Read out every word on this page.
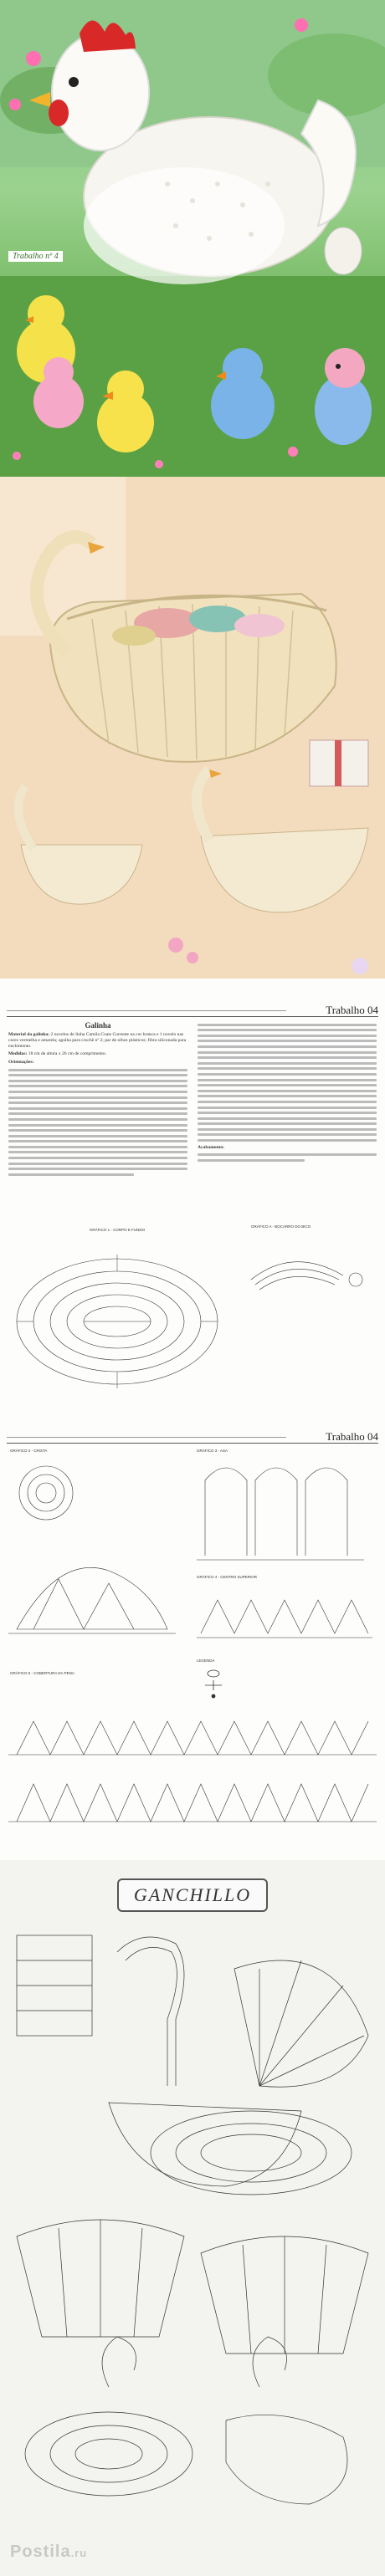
Trabalho nº 4
Trabalho 04
Galinha

Material da galinha: 2 novelos de linha Camila Coats Corrente na cor branca e 1 novelo nas cores vermelha e amarela; agulha para crochê nº 2; par de olhos plásticos; fibra siliconada para enchimento.

Medidas: 18 cm de altura x 26 cm de comprimento.

Orientações:
Acabamento:
GRÁFICO 1 - CORPO E FUNDO
GRÁFICO A - BOCARRO DO BICO
Trabalho 04
GRÁFICO 2 - CRISTA	GRÁFICO 3 - ASA
GRÁFICO 4 - CENTRO SUPERIOR
LEGENDA
GRÁFICO 5 - COBERTURA DA PENA
GANCHILLO
Postila.ru
